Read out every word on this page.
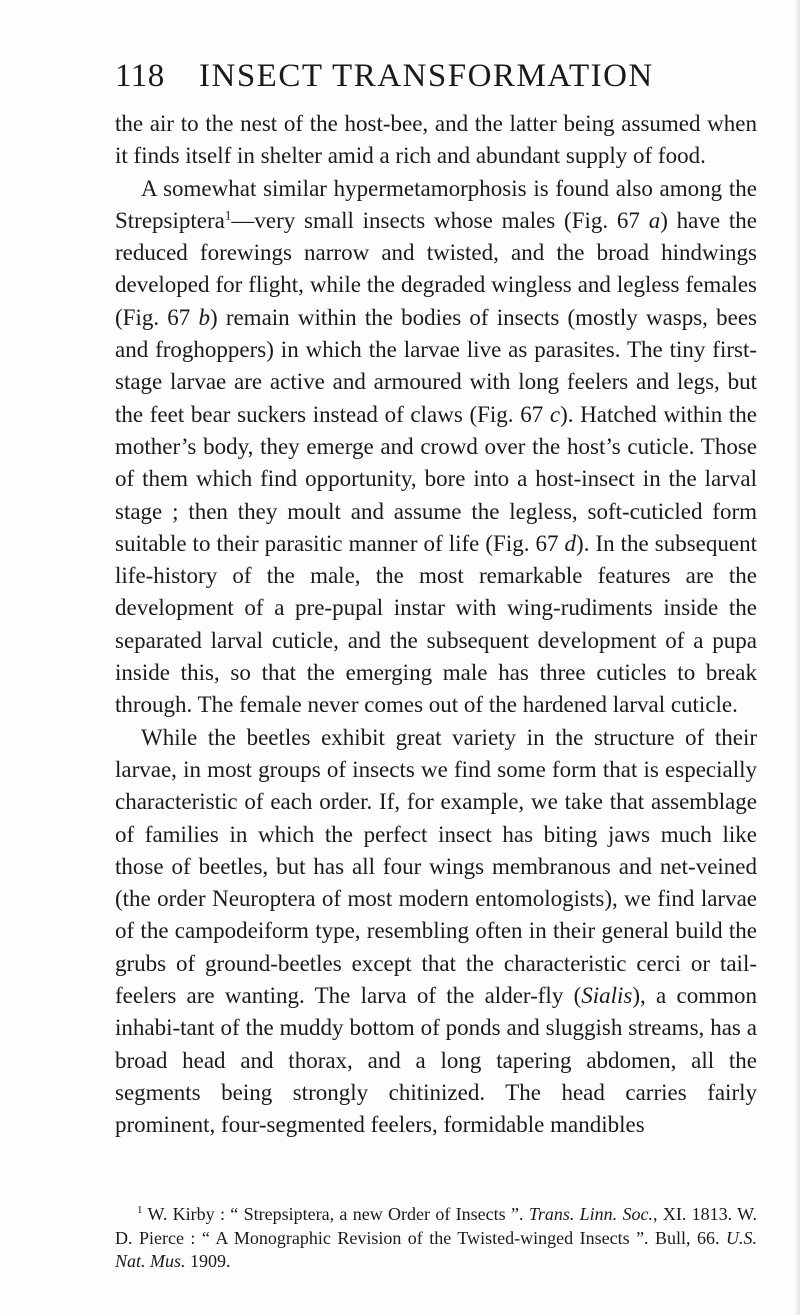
118 INSECT TRANSFORMATION

the air to the nest of the host-bee, and the latter being assumed when it finds itself in shelter amid a rich and abundant supply of food.

A somewhat similar hypermetamorphosis is found also among the Strepsiptera$^1$—very small insects whose males (Fig. 67 a) have the reduced forewings narrow and twisted, and the broad hindwings developed for flight, while the degraded wingless and legless females (Fig. 67 b) remain within the bodies of insects (mostly wasps, bees and froghoppers) in which the larvae live as parasites. The tiny first-stage larvae are active and armoured with long feelers and legs, but the feet bear suckers instead of claws (Fig. 67 c). Hatched within the mother’s body, they emerge and crowd over the host’s cuticle. Those of them which find opportunity, bore into a host-insect in the larval stage ; then they moult and assume the legless, soft-cuticled form suitable to their parasitic manner of life (Fig. 67 d). In the subsequent life-history of the male, the most remarkable features are the development of a pre-pupal instar with wing-rudiments inside the separated larval cuticle, and the subsequent development of a pupa inside this, so that the emerging male has three cuticles to break through. The female never comes out of the hardened larval cuticle.

While the beetles exhibit great variety in the structure of their larvae, in most groups of insects we find some form that is especially characteristic of each order. If, for example, we take that assemblage of families in which the perfect insect has biting jaws much like those of beetles, but has all four wings membranous and net-veined (the order Neuroptera of most modern entomologists), we find larvae of the campodeiform type, resembling often in their general build the grubs of ground-beetles except that the characteristic cerci or tail-feelers are wanting. The larva of the alder-fly (Sialis), a common inhabi-tant of the muddy bottom of ponds and sluggish streams, has a broad head and thorax, and a long tapering abdomen, all the segments being strongly chitinized. The head carries fairly prominent, four-segmented feelers, formidable mandibles

$^1$ W. Kirby : “ Strepsiptera, a new Order of Insects ”. Trans. Linn. Soc., XI. 1813. W. D. Pierce : “ A Monographic Revision of the Twisted-winged Insects ”. Bull, 66. U.S. Nat. Mus. 1909.
